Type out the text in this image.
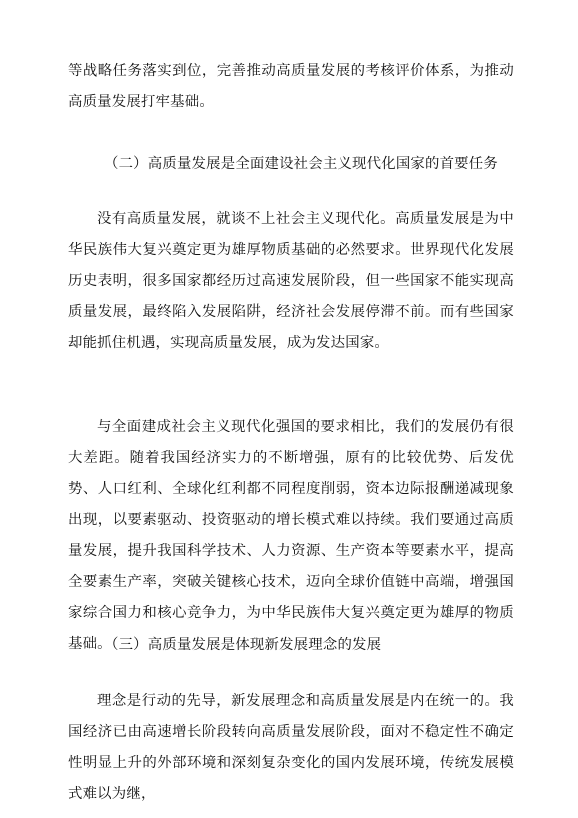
等战略任务落实到位，完善推动高质量发展的考核评价体系，为推动高质量发展打牢基础。

（二）高质量发展是全面建设社会主义现代化国家的首要任务

没有高质量发展，就谈不上社会主义现代化。高质量发展是为中华民族伟大复兴奠定更为雄厚物质基础的必然要求。世界现代化发展历史表明，很多国家都经历过高速发展阶段，但一些国家不能实现高质量发展，最终陷入发展陷阱，经济社会发展停滞不前。而有些国家却能抓住机遇，实现高质量发展，成为发达国家。

与全面建成社会主义现代化强国的要求相比，我们的发展仍有很大差距。随着我国经济实力的不断增强，原有的比较优势、后发优势、人口红利、全球化红利都不同程度削弱，资本边际报酬递减现象出现，以要素驱动、投资驱动的增长模式难以持续。我们要通过高质量发展，提升我国科学技术、人力资源、生产资本等要素水平，提高全要素生产率，突破关键核心技术，迈向全球价值链中高端，增强国家综合国力和核心竞争力，为中华民族伟大复兴奠定更为雄厚的物质基础。

（三）高质量发展是体现新发展理念的发展

理念是行动的先导，新发展理念和高质量发展是内在统一的。我国经济已由高速增长阶段转向高质量发展阶段，面对不稳定性不确定性明显上升的外部环境和深刻复杂变化的国内发展环境，传统发展模式难以为继，
